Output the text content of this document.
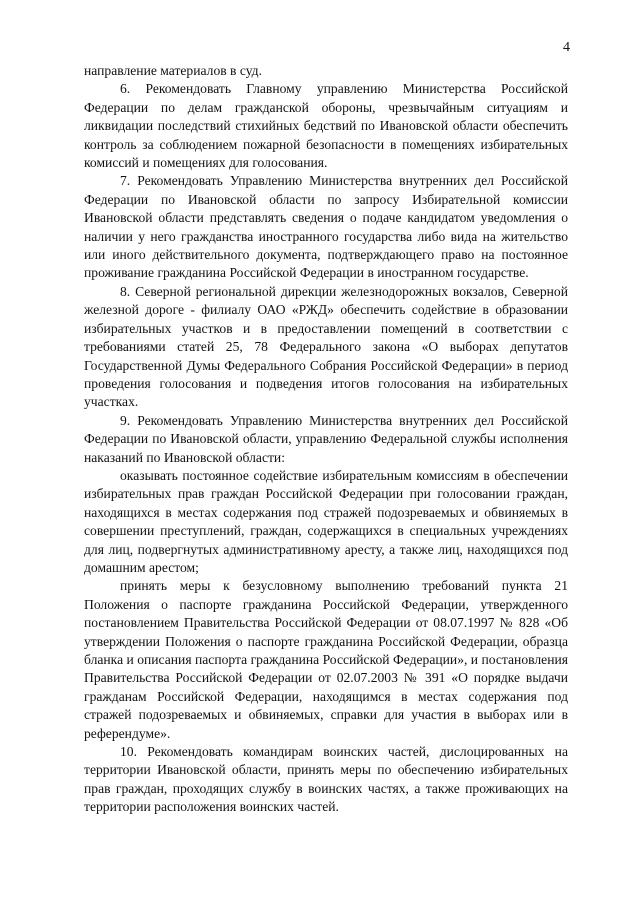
4

направление материалов в суд.

6. Рекомендовать Главному управлению Министерства Российской Федерации по делам гражданской обороны, чрезвычайным ситуациям и ликвидации последствий стихийных бедствий по Ивановской области обеспечить контроль за соблюдением пожарной безопасности в помещениях избирательных комиссий и помещениях для голосования.

7. Рекомендовать Управлению Министерства внутренних дел Российской Федерации по Ивановской области по запросу Избирательной комиссии Ивановской области представлять сведения о подаче кандидатом уведомления о наличии у него гражданства иностранного государства либо вида на жительство или иного действительного документа, подтверждающего право на постоянное проживание гражданина Российской Федерации в иностранном государстве.

8. Северной региональной дирекции железнодорожных вокзалов, Северной железной дороге - филиалу ОАО «РЖД» обеспечить содействие в образовании избирательных участков и в предоставлении помещений в соответствии с требованиями статей 25, 78 Федерального закона «О выборах депутатов Государственной Думы Федерального Собрания Российской Федерации» в период проведения голосования и подведения итогов голосования на избирательных участках.

9. Рекомендовать Управлению Министерства внутренних дел Российской Федерации по Ивановской области, управлению Федеральной службы исполнения наказаний по Ивановской области:

оказывать постоянное содействие избирательным комиссиям в обеспечении избирательных прав граждан Российской Федерации при голосовании граждан, находящихся в местах содержания под стражей подозреваемых и обвиняемых в совершении преступлений, граждан, содержащихся в специальных учреждениях для лиц, подвергнутых административному аресту, а также лиц, находящихся под домашним арестом;

принять меры к безусловному выполнению требований пункта 21 Положения о паспорте гражданина Российской Федерации, утвержденного постановлением Правительства Российской Федерации от 08.07.1997 № 828 «Об утверждении Положения о паспорте гражданина Российской Федерации, образца бланка и описания паспорта гражданина Российской Федерации», и постановления Правительства Российской Федерации от 02.07.2003 № 391 «О порядке выдачи гражданам Российской Федерации, находящимся в местах содержания под стражей подозреваемых и обвиняемых, справки для участия в выборах или в референдуме».

10. Рекомендовать командирам воинских частей, дислоцированных на территории Ивановской области, принять меры по обеспечению избирательных прав граждан, проходящих службу в воинских частях, а также проживающих на территории расположения воинских частей.
